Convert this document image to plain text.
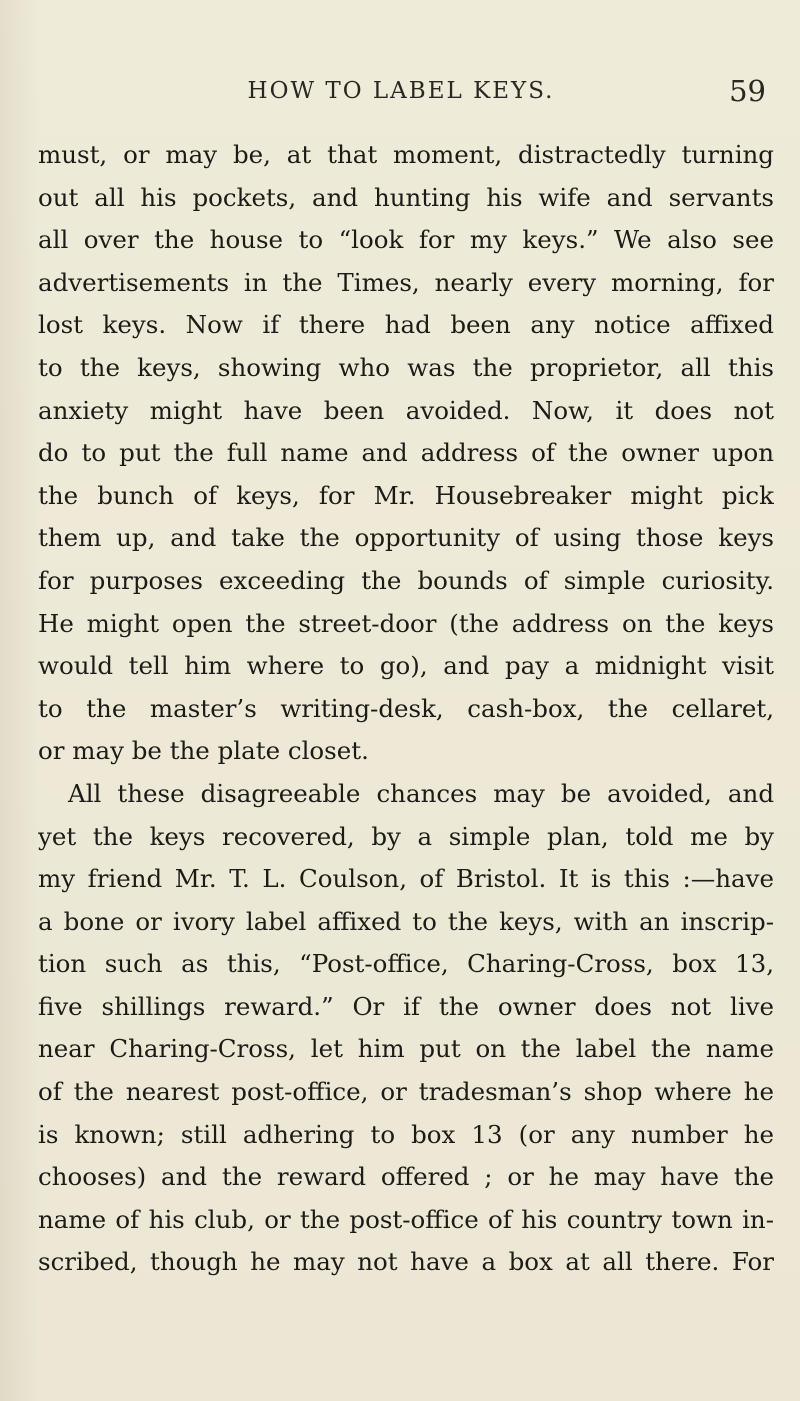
HOW TO LABEL KEYS.	59
must, or may be, at that moment, distractedly turning
out all his pockets, and hunting his wife and servants
all over the house to “look for my keys.” We also see
advertisements in the Times, nearly every morning, for
lost keys. Now if there had been any notice affixed
to the keys, showing who was the proprietor, all this
anxiety might have been avoided. Now, it does not
do to put the full name and address of the owner upon
the bunch of keys, for Mr. Housebreaker might pick
them up, and take the opportunity of using those keys
for purposes exceeding the bounds of simple curiosity.
He might open the street-door (the address on the keys
would tell him where to go), and pay a midnight visit
to the master’s writing-desk, cash-box, the cellaret,
or may be the plate closet.
All these disagreeable chances may be avoided, and
yet the keys recovered, by a simple plan, told me by
my friend Mr. T. L. Coulson, of Bristol. It is this :—have
a bone or ivory label affixed to the keys, with an inscrip-
tion such as this, “Post-office, Charing-Cross, box 13,
five shillings reward.” Or if the owner does not live
near Charing-Cross, let him put on the label the name
of the nearest post-office, or tradesman’s shop where he
is known; still adhering to box 13 (or any number he
chooses) and the reward offered ; or he may have the
name of his club, or the post-office of his country town in-
scribed, though he may not have a box at all there. For
